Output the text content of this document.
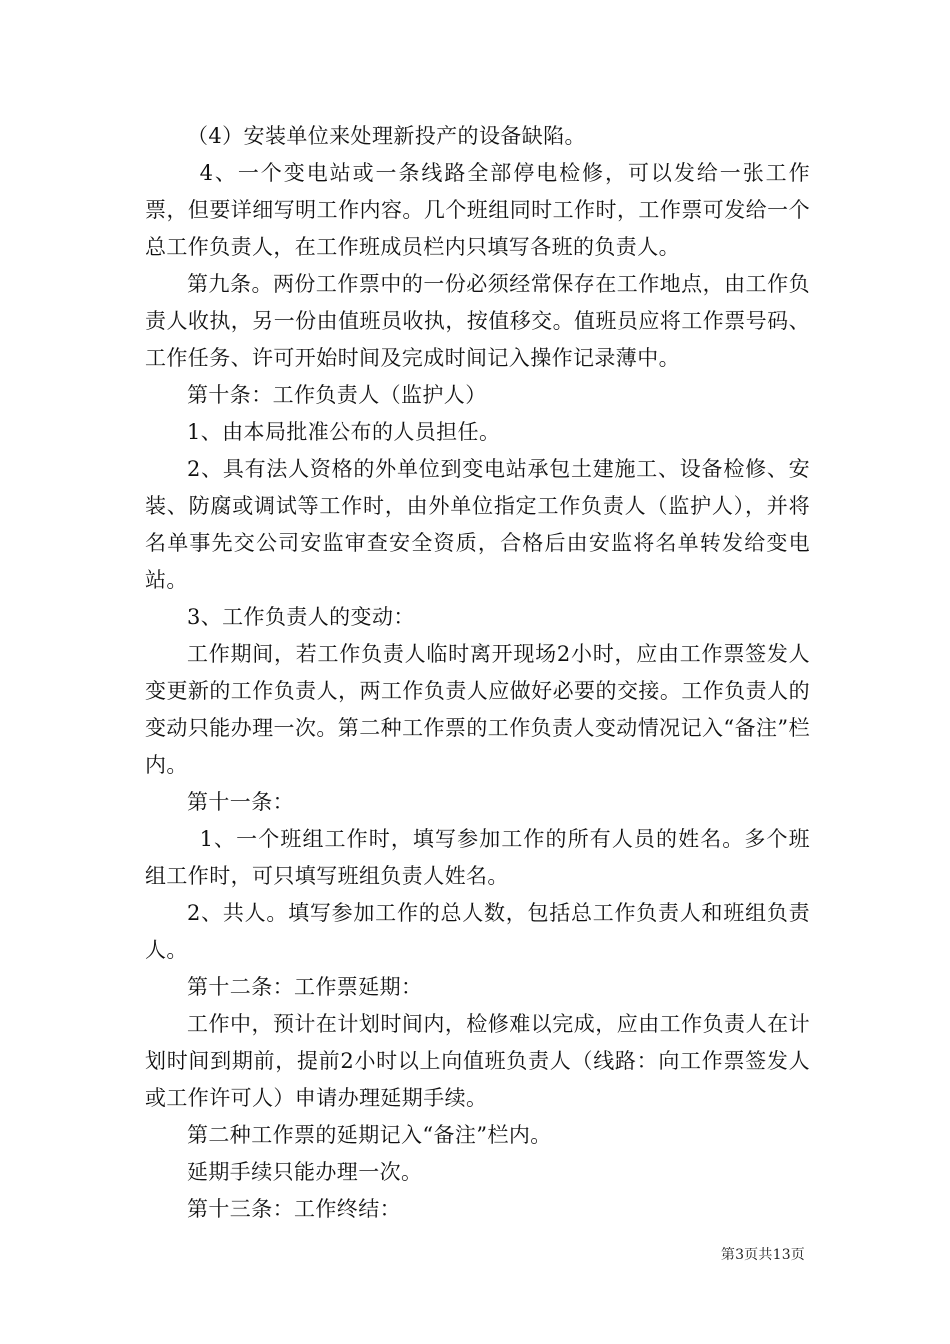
（4）安装单位来处理新投产的设备缺陷。

4、一个变电站或一条线路全部停电检修，可以发给一张工作票，但要详细写明工作内容。几个班组同时工作时，工作票可发给一个总工作负责人，在工作班成员栏内只填写各班的负责人。

第九条。两份工作票中的一份必须经常保存在工作地点，由工作负责人收执，另一份由值班员收执，按值移交。值班员应将工作票号码、工作任务、许可开始时间及完成时间记入操作记录薄中。

第十条：工作负责人（监护人）

1、由本局批准公布的人员担任。

2、具有法人资格的外单位到变电站承包土建施工、设备检修、安装、防腐或调试等工作时，由外单位指定工作负责人（监护人），并将名单事先交公司安监审查安全资质，合格后由安监将名单转发给变电站。

3、工作负责人的变动：

工作期间，若工作负责人临时离开现场2小时，应由工作票签发人变更新的工作负责人，两工作负责人应做好必要的交接。工作负责人的变动只能办理一次。第二种工作票的工作负责人变动情况记入“备注”栏内。

第十一条：

1、一个班组工作时，填写参加工作的所有人员的姓名。多个班组工作时，可只填写班组负责人姓名。

2、共人。填写参加工作的总人数，包括总工作负责人和班组负责人。

第十二条：工作票延期：

工作中，预计在计划时间内，检修难以完成，应由工作负责人在计划时间到期前，提前2小时以上向值班负责人（线路：向工作票签发人或工作许可人）申请办理延期手续。

第二种工作票的延期记入“备注”栏内。

延期手续只能办理一次。

第十三条：工作终结：

第3页共13页
